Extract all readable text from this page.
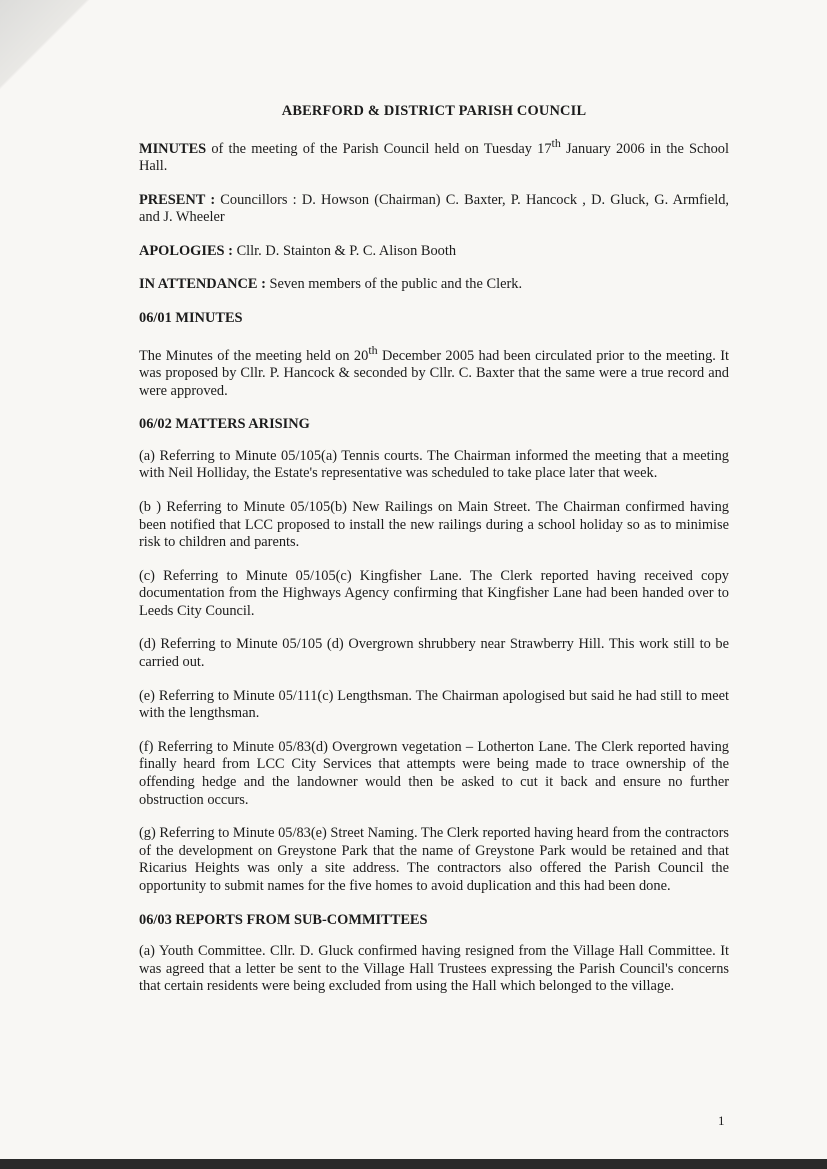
ABERFORD & DISTRICT PARISH COUNCIL

MINUTES of the meeting of the Parish Council held on Tuesday 17th January 2006 in the School Hall.

PRESENT : Councillors : D. Howson (Chairman) C. Baxter, P. Hancock , D. Gluck, G. Armfield, and J. Wheeler

APOLOGIES : Cllr. D. Stainton & P. C. Alison Booth

IN ATTENDANCE : Seven members of the public and the Clerk.

06/01 MINUTES

The Minutes of the meeting held on 20th December 2005 had been circulated prior to the meeting. It was proposed by Cllr. P. Hancock & seconded by Cllr. C. Baxter that the same were a true record and were approved.

06/02 MATTERS ARISING

(a) Referring to Minute 05/105(a) Tennis courts. The Chairman informed the meeting that a meeting with Neil Holliday, the Estate's representative was scheduled to take place later that week.

(b ) Referring to Minute 05/105(b) New Railings on Main Street. The Chairman confirmed having been notified that LCC proposed to install the new railings during a school holiday so as to minimise risk to children and parents.

(c) Referring to Minute 05/105(c) Kingfisher Lane. The Clerk reported having received copy documentation from the Highways Agency confirming that Kingfisher Lane had been handed over to Leeds City Council.

(d) Referring to Minute 05/105 (d) Overgrown shrubbery near Strawberry Hill. This work still to be carried out.

(e) Referring to Minute 05/111(c) Lengthsman. The Chairman apologised but said he had still to meet with the lengthsman.

(f) Referring to Minute 05/83(d) Overgrown vegetation – Lotherton Lane. The Clerk reported having finally heard from LCC City Services that attempts were being made to trace ownership of the offending hedge and the landowner would then be asked to cut it back and ensure no further obstruction occurs.

(g) Referring to Minute 05/83(e) Street Naming. The Clerk reported having heard from the contractors of the development on Greystone Park that the name of Greystone Park would be retained and that Ricarius Heights was only a site address. The contractors also offered the Parish Council the opportunity to submit names for the five homes to avoid duplication and this had been done.

06/03 REPORTS FROM SUB-COMMITTEES

(a) Youth Committee. Cllr. D. Gluck confirmed having resigned from the Village Hall Committee. It was agreed that a letter be sent to the Village Hall Trustees expressing the Parish Council's concerns that certain residents were being excluded from using the Hall which belonged to the village.

1
